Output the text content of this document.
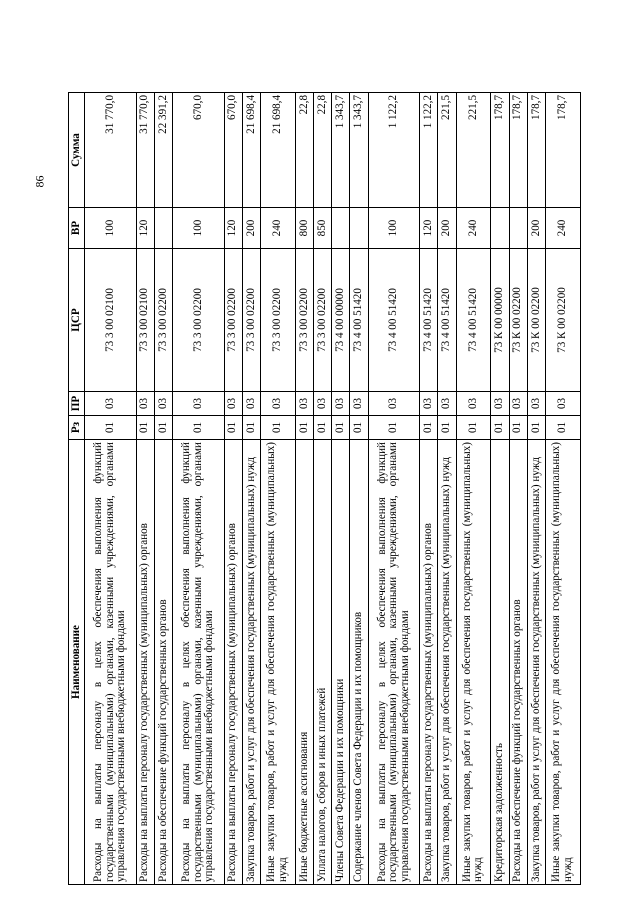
86
Наименование	Рз	ПР	ЦСР	ВР	Сумма
Расходы на выплаты персоналу в целях обеспечения выполнения функций государственными (муниципальными) органами, казенными учреждениями, органами управления государственными внебюджетными фондами	01	03	73 3 00 02100	100	31 770,0
Расходы на выплаты персоналу государственных (муниципальных) органов	01	03	73 3 00 02100	120	31 770,0
Расходы на обеспечение функций государственных органов	01	03	73 3 00 02200		22 391,2
Расходы на выплаты персоналу в целях обеспечения выполнения функций государственными (муниципальными) органами, казенными учреждениями, органами управления государственными внебюджетными фондами	01	03	73 3 00 02200	100	670,0
Расходы на выплаты персоналу государственных (муниципальных) органов	01	03	73 3 00 02200	120	670,0
Закупка товаров, работ и услуг для обеспечения государственных (муниципальных) нужд	01	03	73 3 00 02200	200	21 698,4
Иные закупки товаров, работ и услуг для обеспечения государственных (муниципальных) нужд	01	03	73 3 00 02200	240	21 698,4
Иные бюджетные ассигнования	01	03	73 3 00 02200	800	22,8
Уплата налогов, сборов и иных платежей	01	03	73 3 00 02200	850	22,8
Члены Совета Федерации и их помощники	01	03	73 4 00 00000		1 343,7
Содержание членов Совета Федерации и их помощников	01	03	73 4 00 51420		1 343,7
Расходы на выплаты персоналу в целях обеспечения выполнения функций государственными (муниципальными) органами, казенными учреждениями, органами управления государственными внебюджетными фондами	01	03	73 4 00 51420	100	1 122,2
Расходы на выплаты персоналу государственных (муниципальных) органов	01	03	73 4 00 51420	120	1 122,2
Закупка товаров, работ и услуг для обеспечения государственных (муниципальных) нужд	01	03	73 4 00 51420	200	221,5
Иные закупки товаров, работ и услуг для обеспечения государственных (муниципальных) нужд	01	03	73 4 00 51420	240	221,5
Кредиторская задолженность	01	03	73 К 00 00000		178,7
Расходы на обеспечение функций государственных органов	01	03	73 К 00 02200		178,7
Закупка товаров, работ и услуг для обеспечения государственных (муниципальных) нужд	01	03	73 К 00 02200	200	178,7
Иные закупки товаров, работ и услуг для обеспечения государственных (муниципальных) нужд	01	03	73 К 00 02200	240	178,7
